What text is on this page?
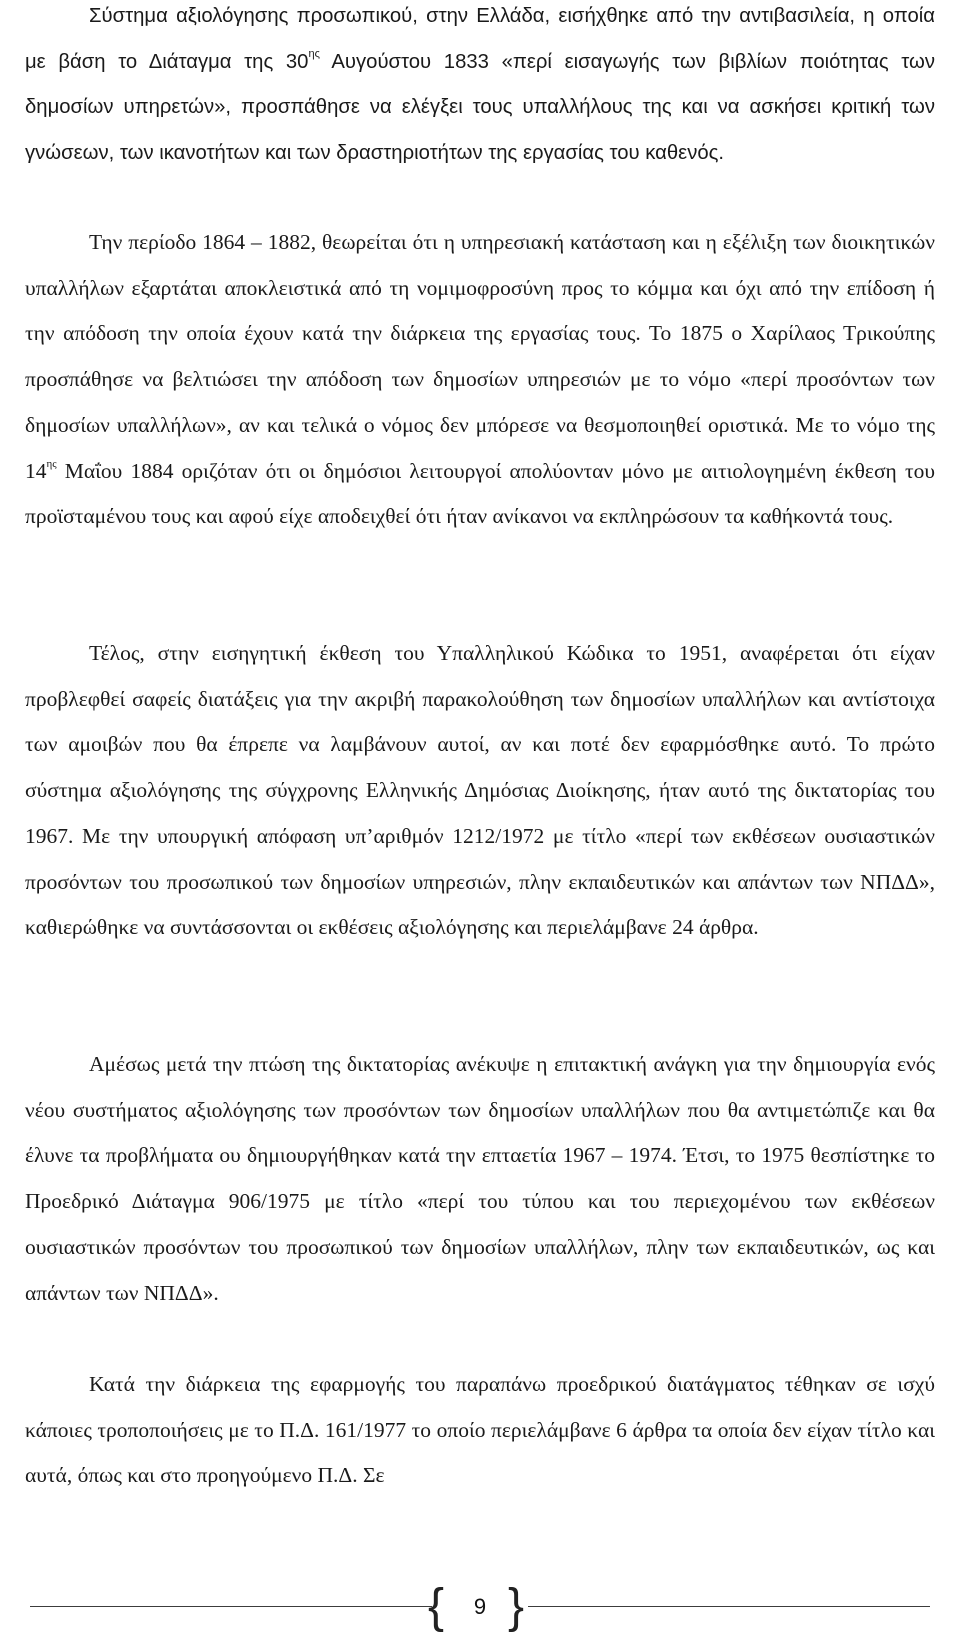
Σύστημα αξιολόγησης προσωπικού, στην Ελλάδα, εισήχθηκε από την αντιβασιλεία, η οποία με βάση το Διάταγμα της $30^{\eta\varsigma}$ Αυγούστου 1833 «περί εισαγωγής των βιβλίων ποιότητας των δημοσίων υπηρετών», προσπάθησε να ελέγξει τους υπαλλήλους της και να ασκήσει κριτική των γνώσεων, των ικανοτήτων και των δραστηριοτήτων της εργασίας του καθενός.

Την περίοδο 1864 – 1882, θεωρείται ότι η υπηρεσιακή κατάσταση και η εξέλιξη των διοικητικών υπαλλήλων εξαρτάται αποκλειστικά από τη νομιμοφροσύνη προς το κόμμα και όχι από την επίδοση ή την απόδοση την οποία έχουν κατά την διάρκεια της εργασίας τους. Το 1875 ο Χαρίλαος Τρικούπης προσπάθησε να βελτιώσει την απόδοση των δημοσίων υπηρεσιών με το νόμο «περί προσόντων των δημοσίων υπαλλήλων», αν και τελικά ο νόμος δεν μπόρεσε να θεσμοποιηθεί οριστικά. Με το νόμο της $14^{\eta\varsigma}$ Μαΐου 1884 οριζόταν ότι οι δημόσιοι λειτουργοί απολύονταν μόνο με αιτιολογημένη έκθεση του προϊσταμένου τους και αφού είχε αποδειχθεί ότι ήταν ανίκανοι να εκπληρώσουν τα καθήκοντά τους.

Τέλος, στην εισηγητική έκθεση του Υπαλληλικού Κώδικα το 1951, αναφέρεται ότι είχαν προβλεφθεί σαφείς διατάξεις για την ακριβή παρακολούθηση των δημοσίων υπαλλήλων και αντίστοιχα των αμοιβών που θα έπρεπε να λαμβάνουν αυτοί, αν και ποτέ δεν εφαρμόσθηκε αυτό. Το πρώτο σύστημα αξιολόγησης της σύγχρονης Ελληνικής Δημόσιας Διοίκησης, ήταν αυτό της δικτατορίας του 1967. Με την υπουργική απόφαση υπ’αριθμόν 1212/1972 με τίτλο «περί των εκθέσεων ουσιαστικών προσόντων του προσωπικού των δημοσίων υπηρεσιών, πλην εκπαιδευτικών και απάντων των ΝΠΔΔ», καθιερώθηκε να συντάσσονται οι εκθέσεις αξιολόγησης και περιελάμβανε 24 άρθρα.

Αμέσως μετά την πτώση της δικτατορίας ανέκυψε η επιτακτική ανάγκη για την δημιουργία ενός νέου συστήματος αξιολόγησης των προσόντων των δημοσίων υπαλλήλων που θα αντιμετώπιζε και θα έλυνε τα προβλήματα ου δημιουργήθηκαν κατά την επταετία 1967 – 1974. Έτσι, το 1975 θεσπίστηκε το Προεδρικό Διάταγμα 906/1975 με τίτλο «περί του τύπου και του περιεχομένου των εκθέσεων ουσιαστικών προσόντων του προσωπικού των δημοσίων υπαλλήλων, πλην των εκπαιδευτικών, ως και απάντων των ΝΠΔΔ».

Κατά την διάρκεια της εφαρμογής του παραπάνω προεδρικού διατάγματος τέθηκαν σε ισχύ κάποιες τροποποιήσεις με το Π.Δ. 161/1977 το οποίο περιελάμβανε 6 άρθρα τα οποία δεν είχαν τίτλο και αυτά, όπως και στο προηγούμενο Π.Δ. Σε

{	9 }
